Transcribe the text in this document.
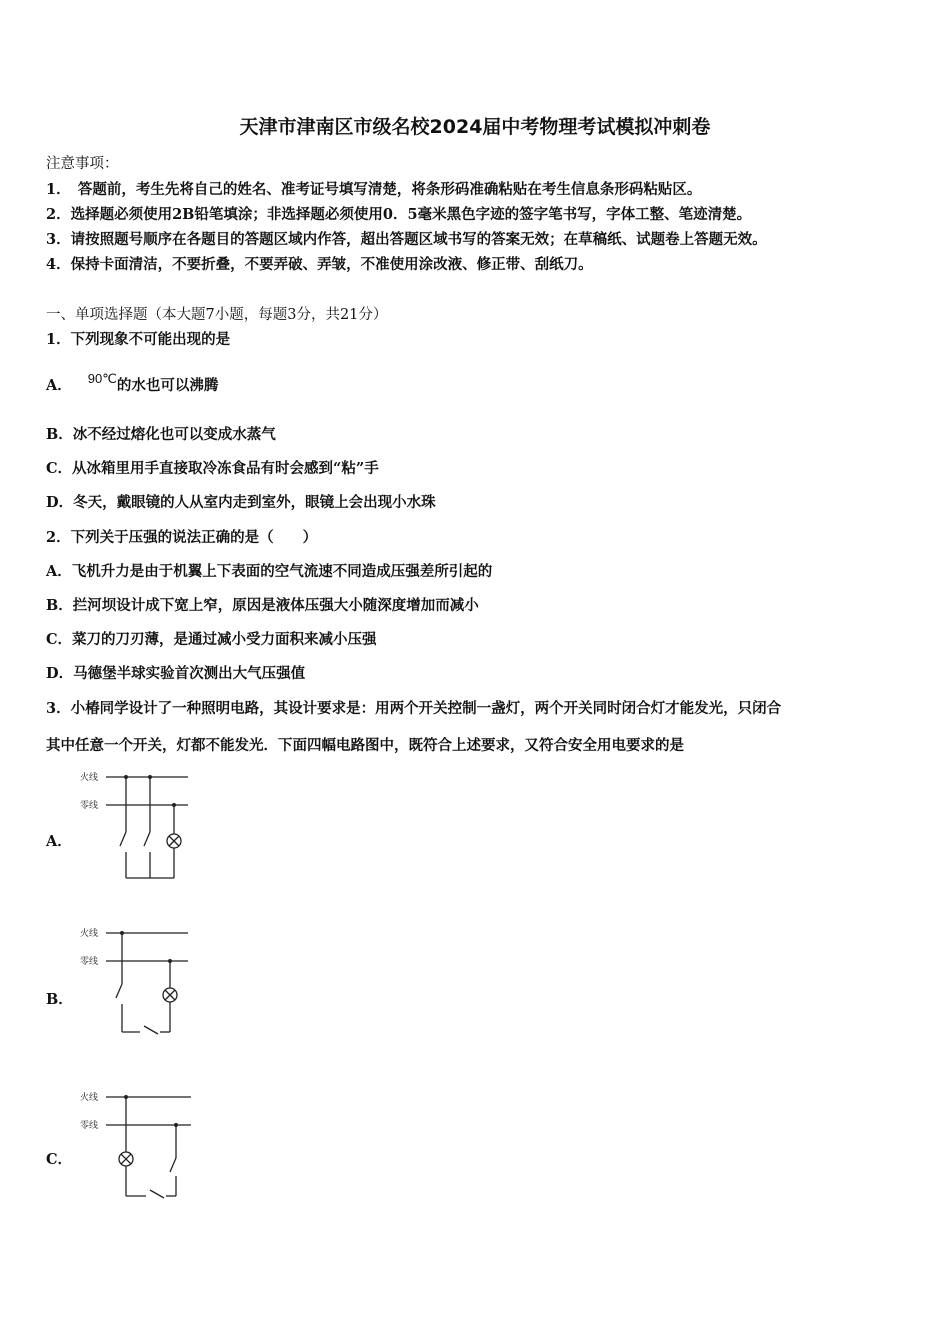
天津市津南区市级名校2024届中考物理考试模拟冲刺卷
注意事项：
1．　答题前，考生先将自己的姓名、准考证号填写清楚，将条形码准确粘贴在考生信息条形码粘贴区。
2．选择题必须使用2B铅笔填涂；非选择题必须使用0．5毫米黑色字迹的签字笔书写，字体工整、笔迹清楚。
3．请按照题号顺序在各题目的答题区域内作答，超出答题区域书写的答案无效；在草稿纸、试题卷上答题无效。
4．保持卡面清洁，不要折叠，不要弄破、弄皱，不准使用涂改液、修正带、刮纸刀。
一、单项选择题（本大题7小题，每题3分，共21分）
1．下列现象不可能出现的是
A． 90℃的水也可以沸腾
B．冰不经过熔化也可以变成水蒸气
C．从冰箱里用手直接取冷冻食品有时会感到“粘”手
D．冬天，戴眼镜的人从室内走到室外，眼镜上会出现小水珠
2．下列关于压强的说法正确的是（　　）
A．飞机升力是由于机翼上下表面的空气流速不同造成压强差所引起的
B．拦河坝设计成下宽上窄，原因是液体压强大小随深度增加而减小
C．菜刀的刀刃薄，是通过减小受力面积来减小压强
D．马德堡半球实验首次测出大气压强值
3．小椿同学设计了一种照明电路，其设计要求是：用两个开关控制一盏灯，两个开关同时闭合灯才能发光，只闭合
其中任意一个开关，灯都不能发光．下面四幅电路图中，既符合上述要求，又符合安全用电要求的是
A．
火线
零线
B．
火线
零线
C．
火线
零线
